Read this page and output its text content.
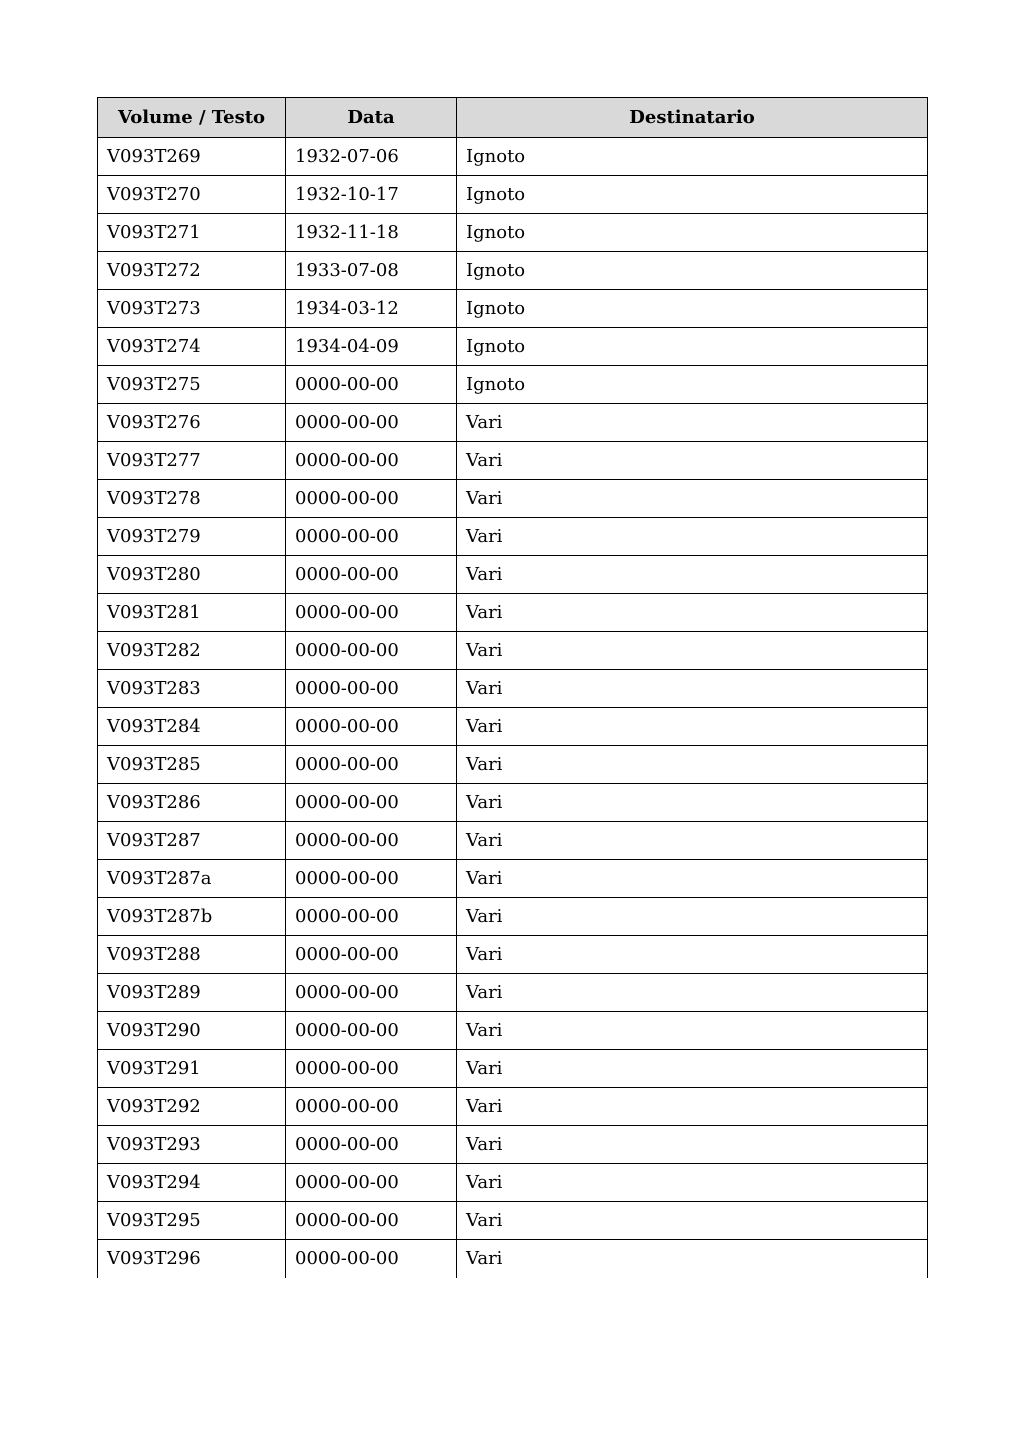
Volume / Testo	Data	Destinatario
V093T269	1932-07-06	Ignoto
V093T270	1932-10-17	Ignoto
V093T271	1932-11-18	Ignoto
V093T272	1933-07-08	Ignoto
V093T273	1934-03-12	Ignoto
V093T274	1934-04-09	Ignoto
V093T275	0000-00-00	Ignoto
V093T276	0000-00-00	Vari
V093T277	0000-00-00	Vari
V093T278	0000-00-00	Vari
V093T279	0000-00-00	Vari
V093T280	0000-00-00	Vari
V093T281	0000-00-00	Vari
V093T282	0000-00-00	Vari
V093T283	0000-00-00	Vari
V093T284	0000-00-00	Vari
V093T285	0000-00-00	Vari
V093T286	0000-00-00	Vari
V093T287	0000-00-00	Vari
V093T287a	0000-00-00	Vari
V093T287b	0000-00-00	Vari
V093T288	0000-00-00	Vari
V093T289	0000-00-00	Vari
V093T290	0000-00-00	Vari
V093T291	0000-00-00	Vari
V093T292	0000-00-00	Vari
V093T293	0000-00-00	Vari
V093T294	0000-00-00	Vari
V093T295	0000-00-00	Vari
V093T296	0000-00-00	Vari
